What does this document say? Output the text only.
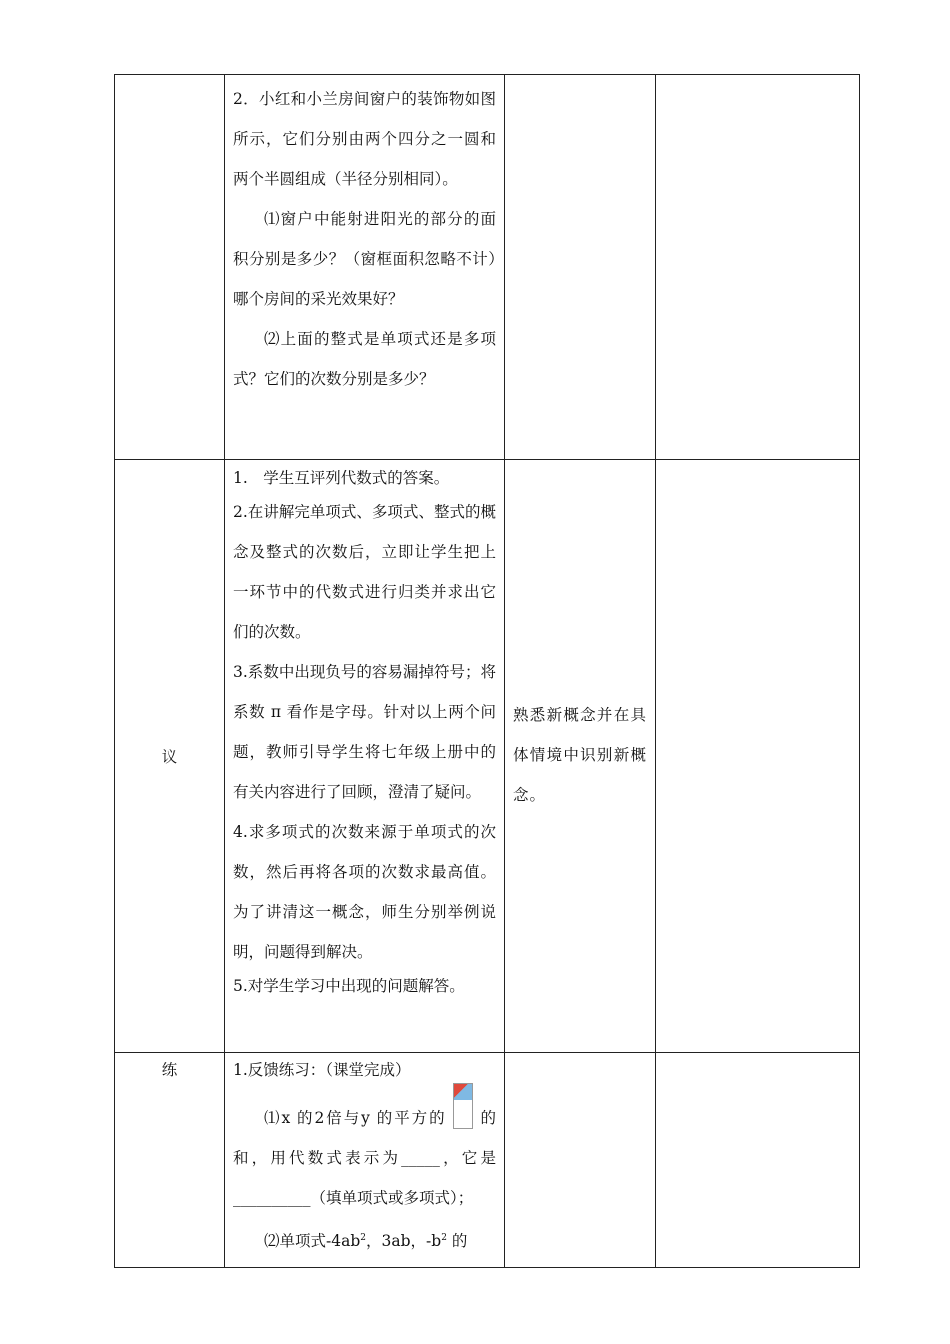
	2．小红和小兰房间窗户的装饰物如图所示，它们分别由两个四分之一圆和两个半圆组成（半径分别相同）。

⑴窗户中能射进阳光的部分的面积分别是多少？（窗框面积忽略不计）哪个房间的采光效果好？

⑵上面的整式是单项式还是多项式？它们的次数分别是多少？		

议	1.　学生互评列代数式的答案。

2.在讲解完单项式、多项式、整式的概念及整式的次数后，立即让学生把上一环节中的代数式进行归类并求出它们的次数。

3.系数中出现负号的容易漏掉符号；将系数 π 看作是字母。针对以上两个问题，教师引导学生将七年级上册中的有关内容进行了回顾，澄清了疑问。

4.求多项式的次数来源于单项式的次数，然后再将各项的次数求最高值。为了讲清这一概念，师生分别举例说明，问题得到解决。

5.对学生学习中出现的问题解答。	熟悉新概念并在具体情境中识别新概念。	

练	1.反馈练习：（课堂完成）

⑴x 的2倍与y 的平方的 的和，用代数式表示为_____，它是__________（填单项式或多项式）；

⑵单项式$-4ab^2$，3ab，$-b^2$ 的		
